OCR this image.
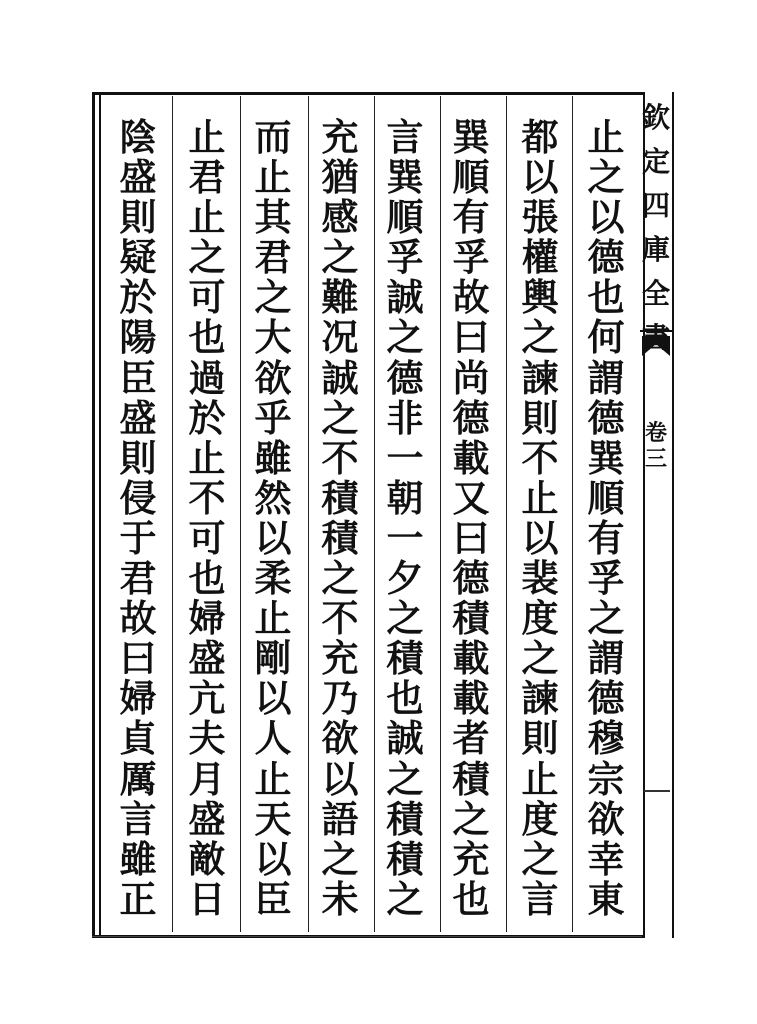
止
之
以
德
也
何
謂
德
巽
順
有
孚
之
謂
德
穆
宗
欲
幸
東
都
以
張
權
輿
之
諫
則
不
止
以
裴
度
之
諫
則
止
度
之
言
巽
順
有
孚
故
曰
尚
德
載
又
曰
德
積
載
載
者
積
之
充
也
言
巽
順
孚
誠
之
德
非
一
朝
一
夕
之
積
也
誠
之
積
積
之
充
猶
感
之
難
况
誠
之
不
積
積
之
不
充
乃
欲
以
語
之
未
而
止
其
君
之
大
欲
乎
雖
然
以
柔
止
剛
以
人
止
天
以
臣
止
君
止
之
可
也
過
於
止
不
可
也
婦
盛
亢
夫
月
盛
敵
日
陰
盛
則
疑
於
陽
臣
盛
則
侵
于
君
故
曰
婦
貞
厲
言
雖
正
欽
定
四
庫
全
卷三
